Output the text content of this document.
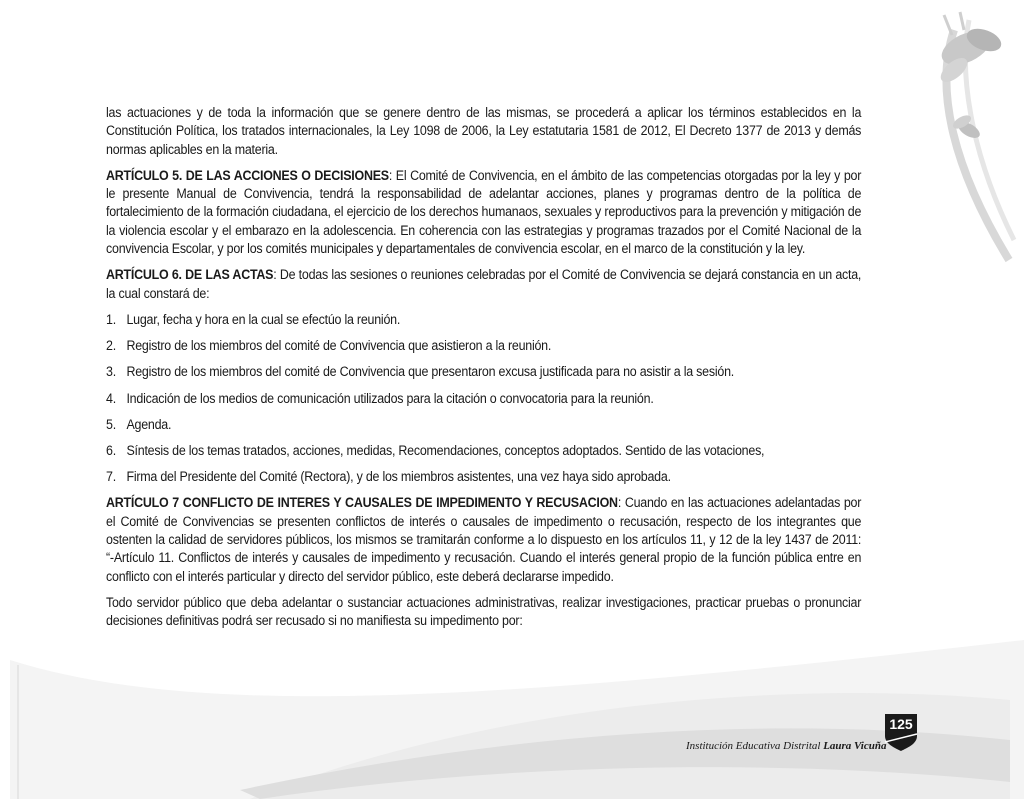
las actuaciones y de toda la información que se genere dentro de las mismas, se procederá a aplicar los términos establecidos en la Constitución Política, los tratados internacionales, la Ley 1098 de 2006, la Ley estatutaria 1581 de 2012, El Decreto 1377 de 2013 y demás normas aplicables en la materia.

ARTÍCULO 5. DE LAS ACCIONES O DECISIONES: El Comité de Convivencia, en el ámbito de las competencias otorgadas por la ley y por le presente Manual de Convivencia, tendrá la responsabilidad de adelantar acciones, planes y programas dentro de la política de fortalecimiento de la formación ciudadana, el ejercicio de los derechos humanaos, sexuales y reproductivos para la prevención y mitigación de la violencia escolar y el embarazo en la adolescencia. En coherencia con las estrategias y programas trazados por el Comité Nacional de la convivencia Escolar, y por los comités municipales y departamentales de convivencia escolar, en el marco de la constitución y la ley.

ARTÍCULO 6. DE LAS ACTAS: De todas las sesiones o reuniones celebradas por el Comité de Convivencia se dejará constancia en un acta, la cual constará de:

1. Lugar, fecha y hora en la cual se efectúo la reunión.
2. Registro de los miembros del comité de Convivencia que asistieron a la reunión.
3. Registro de los miembros del comité de Convivencia que presentaron excusa justificada para no asistir a la sesión.
4. Indicación de los medios de comunicación utilizados para la citación o convocatoria para la reunión.
5. Agenda.
6. Síntesis de los temas tratados, acciones, medidas, Recomendaciones, conceptos adoptados. Sentido de las votaciones,
7. Firma del Presidente del Comité (Rectora), y de los miembros asistentes, una vez haya sido aprobada.

ARTÍCULO 7 CONFLICTO DE INTERES Y CAUSALES DE IMPEDIMENTO Y RECUSACION: Cuando en las actuaciones adelantadas por el Comité de Convivencias se presenten conflictos de interés o causales de impedimento o recusación, respecto de los integrantes que ostenten la calidad de servidores públicos, los mismos se tramitarán conforme a lo dispuesto en los artículos 11, y 12 de la ley 1437 de 2011: “-Artículo 11. Conflictos de interés y causales de impedimento y recusación. Cuando el interés general propio de la función pública entre en conflicto con el interés particular y directo del servidor público, este deberá declararse impedido.

Todo servidor público que deba adelantar o sustanciar actuaciones administrativas, realizar investigaciones, practicar pruebas o pronunciar decisiones definitivas podrá ser recusado si no manifiesta su impedimento por:

Institución Educativa Distrital Laura Vicuña
125
